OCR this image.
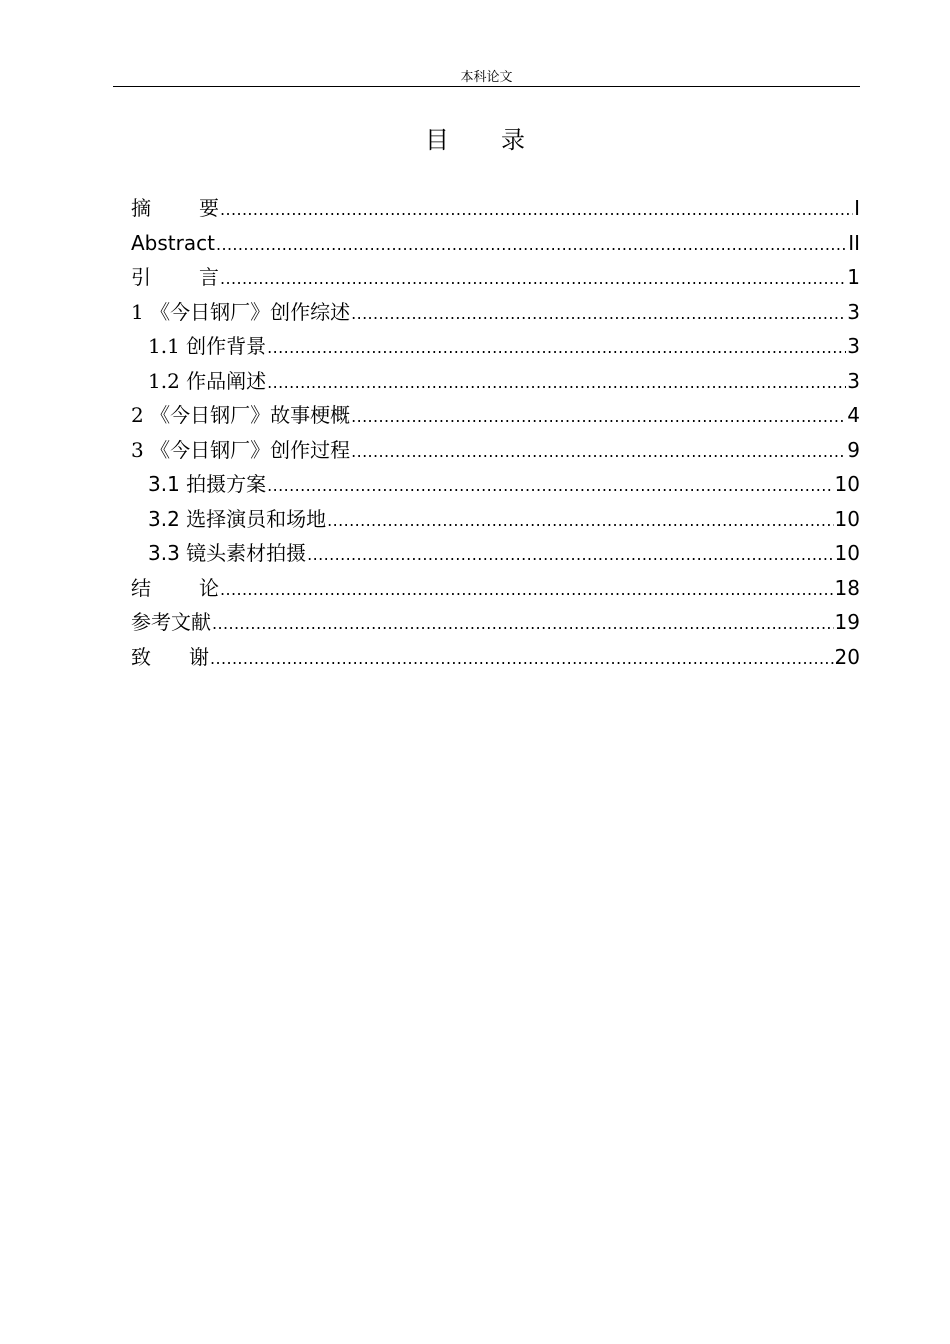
本科论文
目 录
摘 要 .....	I
Abstract .....	II
引 言 .....	1
1 《今日钢厂》创作综述 .....	3
1.1 创作背景 .....	3
1.2 作品阐述 .....	3
2 《今日钢厂》故事梗概 .....	4
3 《今日钢厂》创作过程 .....	9
3.1 拍摄方案 .....	10
3.2 选择演员和场地 .....	10
3.3 镜头素材拍摄 .....	10
结 论 .....	18
参考文献 .....	19
致 谢 .....	20
